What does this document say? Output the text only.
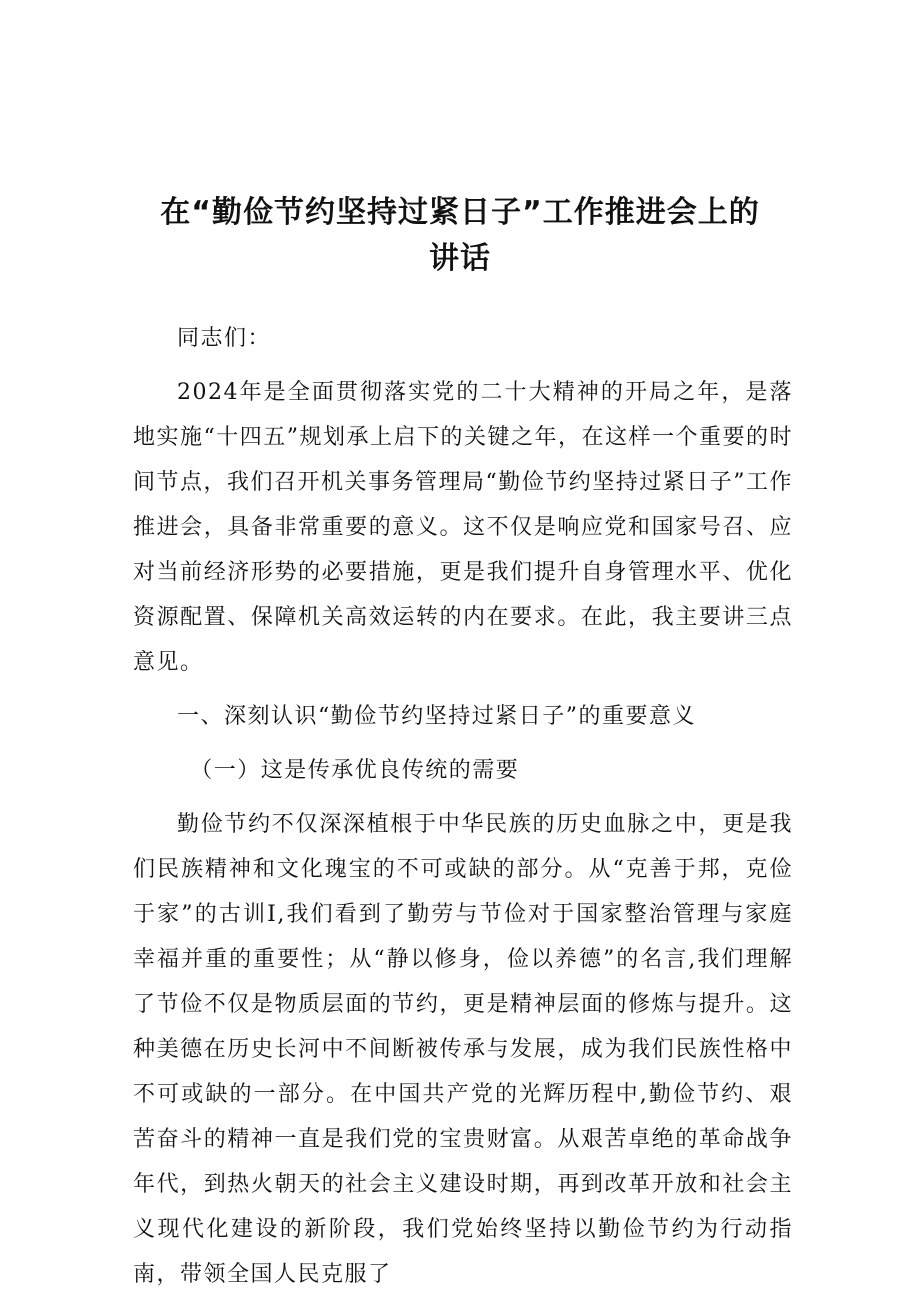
在“勤俭节约坚持过紧日子”工作推进会上的
讲话

同志们：

2024年是全面贯彻落实党的二十大精神的开局之年，是落地实施“十四五”规划承上启下的关键之年，在这样一个重要的时间节点，我们召开机关事务管理局“勤俭节约坚持过紧日子”工作推进会，具备非常重要的意义。这不仅是响应党和国家号召、应对当前经济形势的必要措施，更是我们提升自身管理水平、优化资源配置、保障机关高效运转的内在要求。在此，我主要讲三点意见。

一、深刻认识“勤俭节约坚持过紧日子”的重要意义

（一）这是传承优良传统的需要

勤俭节约不仅深深植根于中华民族的历史血脉之中，更是我们民族精神和文化瑰宝的不可或缺的部分。从“克善于邦，克俭于家”的古训I,我们看到了勤劳与节俭对于国家整治管理与家庭幸福并重的重要性；从“静以修身，俭以养德”的名言,我们理解了节俭不仅是物质层面的节约，更是精神层面的修炼与提升。这种美德在历史长河中不间断被传承与发展，成为我们民族性格中不可或缺的一部分。在中国共产党的光辉历程中,勤俭节约、艰苦奋斗的精神一直是我们党的宝贵财富。从艰苦卓绝的革命战争年代，到热火朝天的社会主义建设时期，再到改革开放和社会主义现代化建设的新阶段，我们党始终坚持以勤俭节约为行动指南，带领全国人民克服了
